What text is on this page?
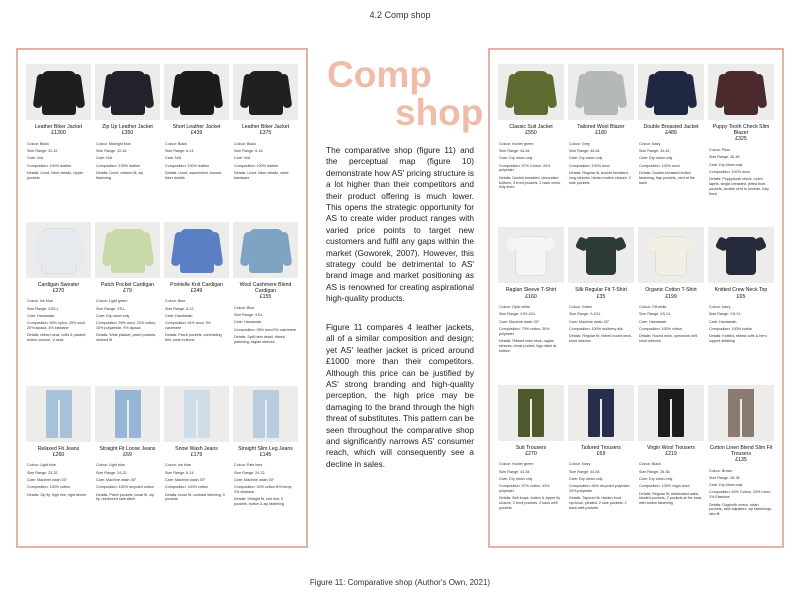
4.2 Comp shop
Leather Biker Jacket
£1300
Colour: Black
Size Range: 32-42
Care: N/A
Composition: 100% leather
Details: Lined, biker details, zipper pockets
Zip Up Leather Jacket
£350
Colour: Midnight blue
Size Range: 32-44
Care: N/A
Composition: 100% leather
Details: Lined, relaxed fit, zip fastening
Short Leather Jacket
£439
Colour: Black
Size Range: 6-14
Care: N/A
Composition: 100% leather
Details: Lined, asymmetric closure, biker details
Leather Biker Jacket
£375
Colour: Black
Size Range: 6-16
Care: N/A
Composition: 100% leather
Details: Lined, biker details, silver hardware
Cardigan Sweater
£270
Colour: Ice blue
Size Range: XXS-L
Care: Handwash
Composition: 56% nylon, 20% wool, 20% alpaca, 4% elastane
Details: ribbed neck, cuffs & placket, button closure, V-neck
Patch Pocket Cardigan
£79
Colour: Light green
Size Range: XS-L
Care: Dry clean only
Composition: 59% wool, 22% cotton, 10% polyamide, 9% alpaca
Details: Wide placket, patch pockets, relaxed fit
Pointelle Knit Cardigan
£249
Colour: Blue
Size Range: 6-12
Care: Handwash
Composition: 91% wool, 9% cashmere
Details: Patch pockets, contrasting trim, pearl buttons
Wool Cashmere Blend Cardigan
£155
Colour: Blue
Size Range: XS-L
Care: Handwash
Composition: 95% wool 5% cashmere
Details: Split hem detail, ribbed panelling, raglan sleeves
Relaxed Fit Jeans
£260
Colour: Light blue
Size Range: 23-32
Care: Machine wash 30°
Composition: 100% cotton
Details: Zip fly, high rise, rigid denim
Straight Fit Loose Jeans
£69
Colour: Light blue
Size Range: 24-32
Care: Machine wash 30°
Composition: 100% recycled cotton
Details: Patch pockets, loose fit, zip fly, reinforced side stitch
Snow Wash Jeans
£179
Colour: Ice blue
Size Range: 6-14
Care: Machine wash 30°
Composition: 100% cotton
Details: loose fit, contrast stitching, 5 pockets
Straight Slim Leg Jeans
£145
Colour: Pale blue
Size Range: 24-32
Care: Machine wash 30°
Composition: 92% cotton 8% hemp 2% elastane
Details: Straight fit, mid rise, 5 pockets, button & zip fastening
Comp
shop
The comparative shop (figure 11) and the perceptual map (figure 10) demonstrate how AS' pricing structure is a lot higher than their competitors and their product offering is much lower. This opens the strategic opportunity for AS to create wider product ranges with varied price points to target new customers and fulfil any gaps within the market (Goworek, 2007). However, this strategy could be detrimental to AS' brand image and market positioning as AS is renowned for creating aspirational high-quality products.
Figure 11 compares 4 leather jackets, all of a similar composition and design; yet AS' leather jacket is priced around £1000 more than their competitors. Although this price can be justified by AS' strong branding and high-quality perception, the high price may be damaging to the brand through the high threat of substitutes. This pattern can be seen throughout the comparative shop and significantly narrows AS' consumer reach, which will consequently see a decline in sales.
Classic Suit Jacket
£550
Colour: Hunter green
Size Range: 44-54
Care: Dry clean only
Composition: 57% Cotton, 43% polyester
Details: Double breasted, decorative buttons, 3 front pockets, 2 back vents, fully lined
Tailored Wool Blazer
£180
Colour: Grey
Size Range: 44-54
Care: Dry clean only
Composition: 100% wool
Details: Regular fit, double breasted, long sleeves, hidden button closure, 2 side pockets
Double Breasted Jacket
£489
Colour: Navy
Size Range: 34-44
Care: Dry clean only
Composition: 100% wool
Details: Double-breasted button fastening, flap pockets, vent at the back
Puppy Tooth Check Slim Blazer
£325
Colour: Plum
Size Range: 36-46
Care: Dry clean only
Composition: 100% wool
Details: Puppytooth check, notch lapels, single-breasted, jetted front pockets, double vent to reverse, fully lined
Raglan Sleeve T-Shirt
£160
Colour: Optic white
Size Range: XXS-XXL
Care: Machine wash 30°
Composition: 70% cotton, 30% polyester
Details: Ribbed crew neck, raglan sleeves, chest pocket, logo label at bottom
Silk Regular Fit T-Shirt
£35
Colour: Green
Size Range: S-XXL
Care: Machine wash 30°
Composition: 100% mulberry silk
Details: Regular fit, ribbed round neck, short sleeves
Organic Cotton T-Shirt
£199
Colour: Off-white
Size Range: XS-XL
Care: Handwash
Composition: 100% cotton
Details: Round neck, openwork knit, short sleeves
Knitted Crew Neck Top
£65
Colour: Navy
Size Range: XS-XL
Care: Handwash
Composition: 100% cotton
Details: Knitted, ribbed cuffs & hem, lopped detailing
Suit Trousers
£270
Colour: Hunter green
Size Range: 44-54
Care: Dry clean only
Composition: 57% cotton, 43% polyester
Details: Belt loops, button & zipper fly closure, 2 front pockets, 2 back welt pockets
Tailored Trousers
£69
Colour: Navy
Size Range: 44-54
Care: Dry clean only
Composition: 66% recycled polyester, 34% polyester
Details: Tapered fit, hidden front zip/hook, pleated, 2 side pockets, 2 back welt pockets
Virgin Wool Trousers
£219
Colour: Black
Size Range: 26-36
Care: Dry clean only
Composition: 100% virgin wool
Details: Regular fit, elasticated waist, slanted pockets, 2 pockets at the back with button fastening
Cotton Linen Blend Slim Fit Trousers
£135
Colour: Brown
Size Range: 28-38
Care: Dry clean only
Composition: 84% Cotton, 15% Linen, 1% Elastane
Details: Dogtooth check, slash pockets, side adjusters, zip fastenings, slim fit
Figure 11: Comparative shop (Author's Own, 2021)
